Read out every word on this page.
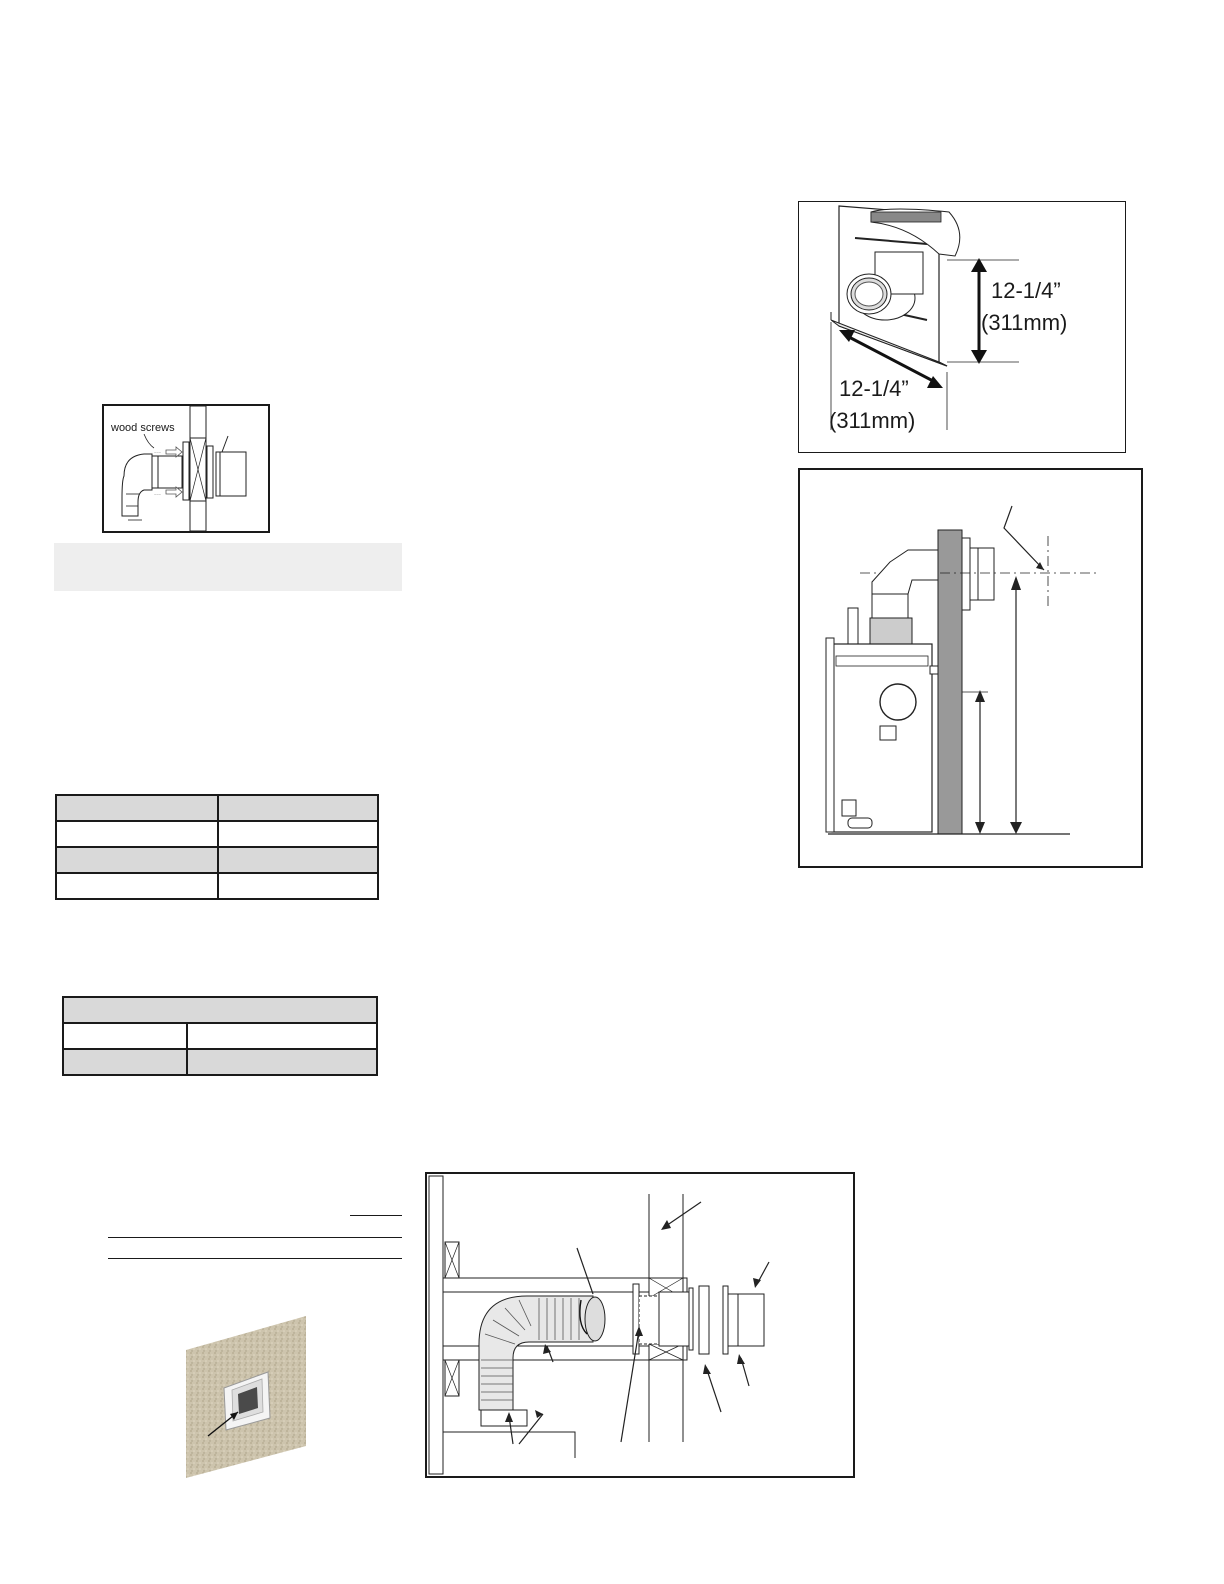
~~~
~~~
wood screws

12-1/4”
(311mm)
12-1/4”
(311mm)
